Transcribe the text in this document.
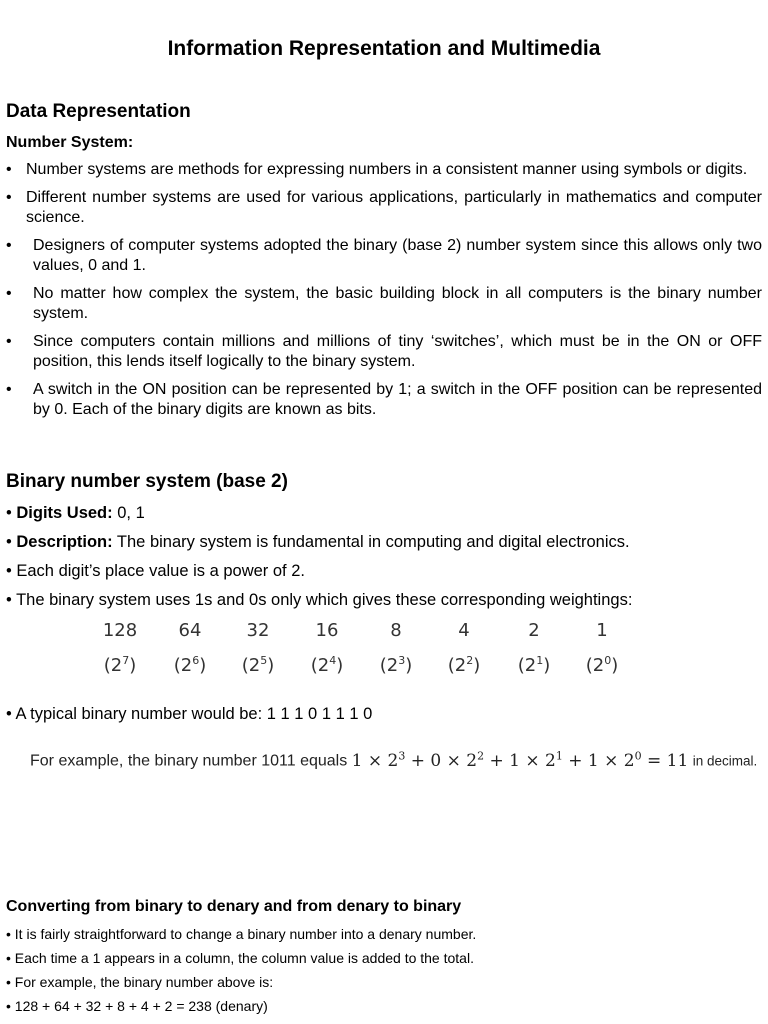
Information Representation and Multimedia
Data Representation
Number System:
• Number systems are methods for expressing numbers in a consistent manner using symbols or digits.
• Different number systems are used for various applications, particularly in mathematics and computer science.
• Designers of computer systems adopted the binary (base 2) number system since this allows only two values, 0 and 1.
• No matter how complex the system, the basic building block in all computers is the binary number system.
• Since computers contain millions and millions of tiny ‘switches’, which must be in the ON or OFF position, this lends itself logically to the binary system.
• A switch in the ON position can be represented by 1; a switch in the OFF position can be represented by 0. Each of the binary digits are known as bits.
Binary number system (base 2)
• Digits Used: 0, 1
• Description: The binary system is fundamental in computing and digital electronics.
• Each digit’s place value is a power of 2.
• The binary system uses 1s and 0s only which gives these corresponding weightings:
128	64	32	16	8	4	2	1
$(2^7)$	$(2^6)$	$(2^5)$	$(2^4)$	$(2^3)$	$(2^2)$	$(2^1)$	$(2^0)$
• A typical binary number would be: 1 1 1 0 1 1 1 0
For example, the binary number 1011 equals $1 \times 2^3 + 0 \times 2^2 + 1 \times 2^1 + 1 \times 2^0 = 11$ in decimal.
Converting from binary to denary and from denary to binary
• It is fairly straightforward to change a binary number into a denary number.
• Each time a 1 appears in a column, the column value is added to the total.
• For example, the binary number above is:
• 128 + 64 + 32 + 8 + 4 + 2 = 238 (denary)
